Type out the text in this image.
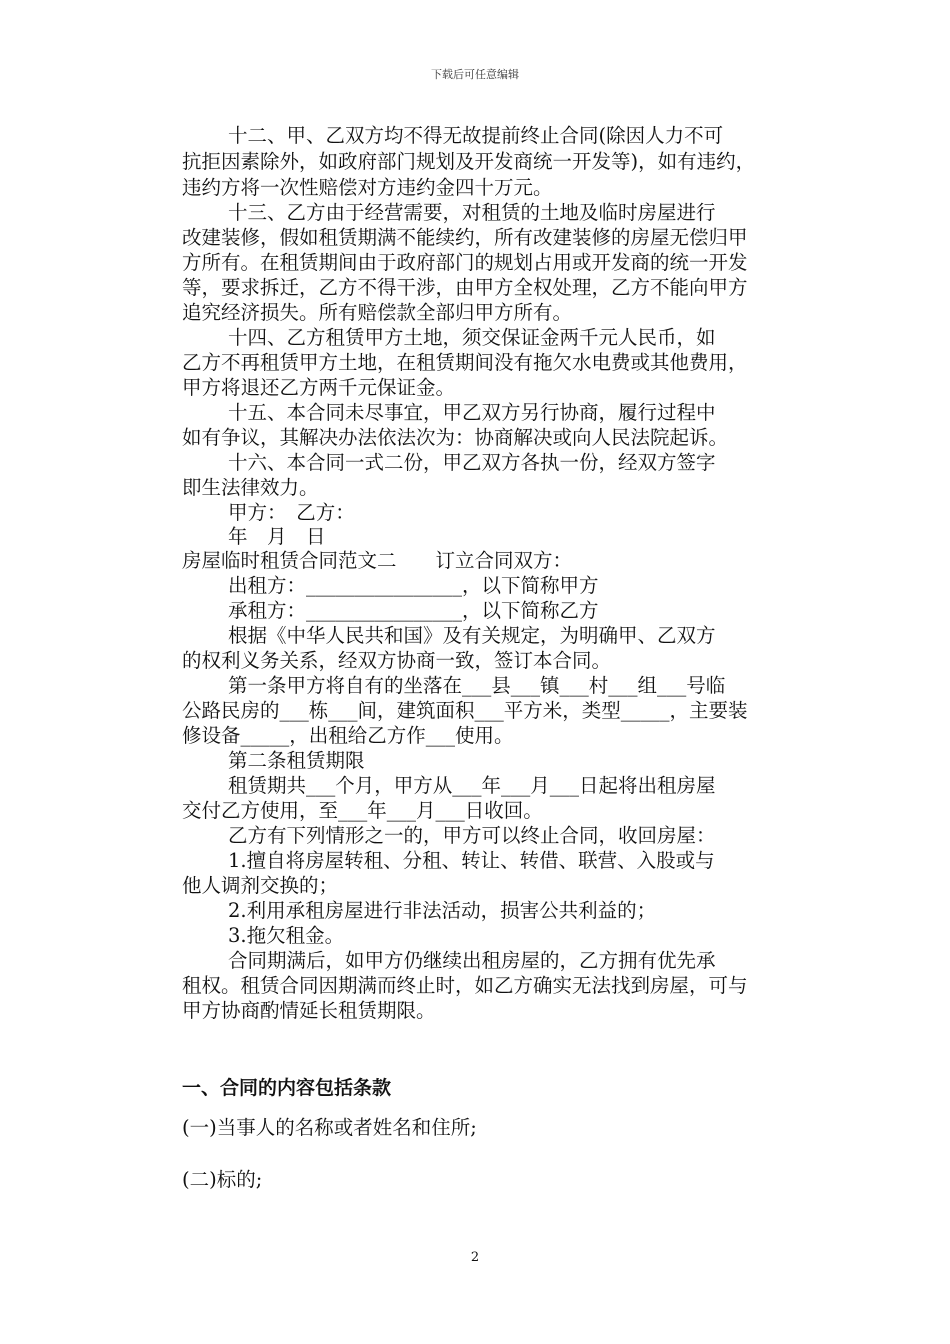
下载后可任意编辑
十二、甲、乙双方均不得无故提前终止合同(除因人力不可
抗拒因素除外，如政府部门规划及开发商统一开发等)，如有违约，
违约方将一次性赔偿对方违约金四十万元。
十三、乙方由于经营需要，对租赁的土地及临时房屋进行
改建装修，假如租赁期满不能续约，所有改建装修的房屋无偿归甲
方所有。在租赁期间由于政府部门的规划占用或开发商的统一开发
等，要求拆迁，乙方不得干涉，由甲方全权处理，乙方不能向甲方
追究经济损失。所有赔偿款全部归甲方所有。
十四、乙方租赁甲方土地，须交保证金两千元人民币，如
乙方不再租赁甲方土地，在租赁期间没有拖欠水电费或其他费用，
甲方将退还乙方两千元保证金。
十五、本合同未尽事宜，甲乙双方另行协商，履行过程中
如有争议，其解决办法依法次为：协商解决或向人民法院起诉。
十六、本合同一式二份，甲乙双方各执一份，经双方签字
即生法律效力。
甲方：　乙方：
年　月　日
房屋临时租赁合同范文二　　订立合同双方：
出租方：________________，以下简称甲方
承租方：________________，以下简称乙方
根据《中华人民共和国》及有关规定，为明确甲、乙双方
的权利义务关系，经双方协商一致，签订本合同。
第一条甲方将自有的坐落在___县___镇___村___组___号临
公路民房的___栋___间，建筑面积___平方米，类型_____，主要装
修设备_____，出租给乙方作___使用。
第二条租赁期限
租赁期共___个月，甲方从___年___月___日起将出租房屋
交付乙方使用，至___年___月___日收回。
乙方有下列情形之一的，甲方可以终止合同，收回房屋：
1.擅自将房屋转租、分租、转让、转借、联营、入股或与
他人调剂交换的；
2.利用承租房屋进行非法活动，损害公共利益的；
3.拖欠租金。
合同期满后，如甲方仍继续出租房屋的，乙方拥有优先承
租权。租赁合同因期满而终止时，如乙方确实无法找到房屋，可与
甲方协商酌情延长租赁期限。
一、合同的内容包括条款
(一)当事人的名称或者姓名和住所;
(二)标的;
2
